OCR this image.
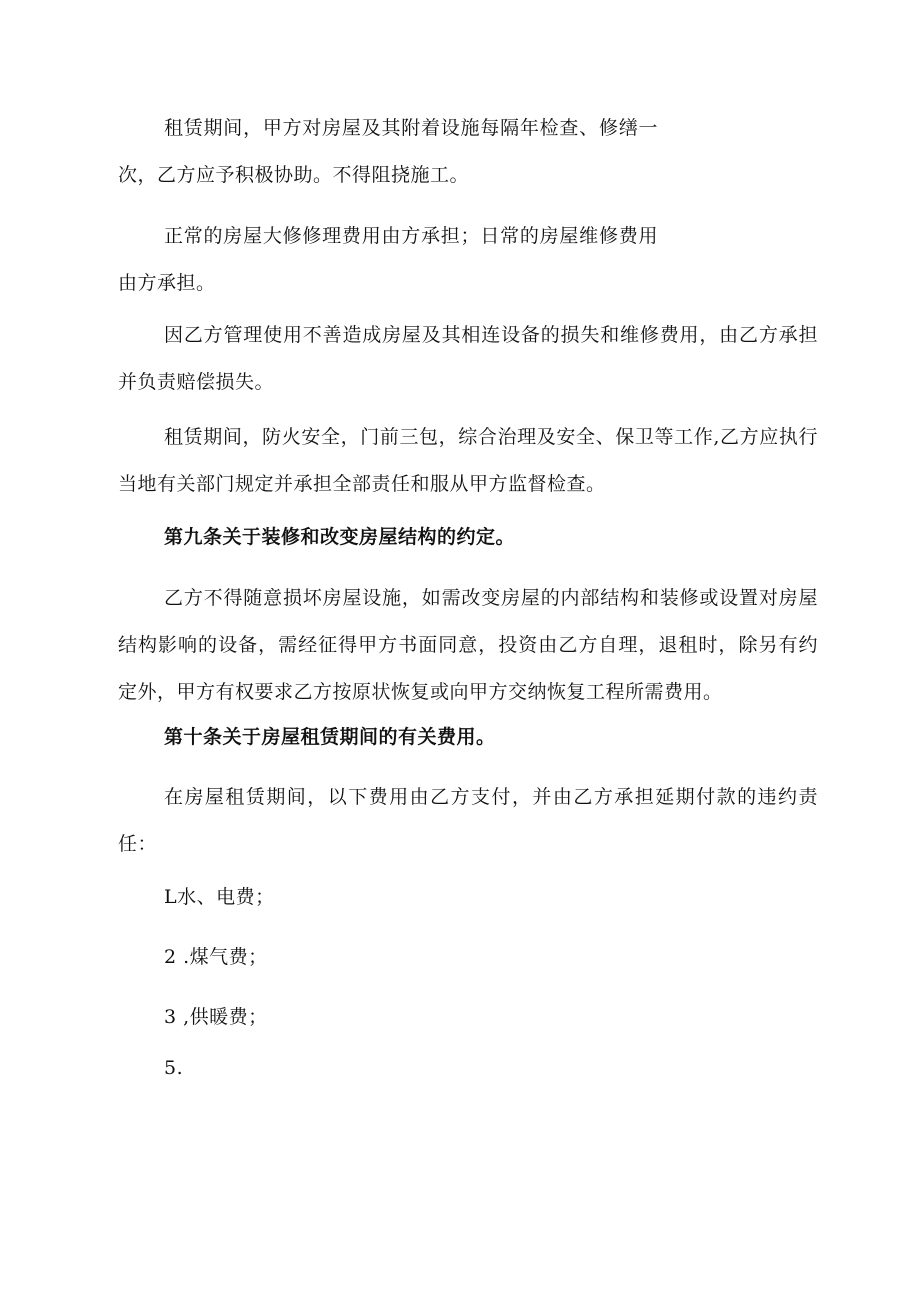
租赁期间，甲方对房屋及其附着设施每隔年检查、修缮一次，乙方应予积极协助。不得阻挠施工。

正常的房屋大修修理费用由方承担；日常的房屋维修费用由方承担。

因乙方管理使用不善造成房屋及其相连设备的损失和维修费用，由乙方承担并负责赔偿损失。

租赁期间，防火安全，门前三包，综合治理及安全、保卫等工作,乙方应执行当地有关部门规定并承担全部责任和服从甲方监督检查。

第九条关于装修和改变房屋结构的约定。

乙方不得随意损坏房屋设施，如需改变房屋的内部结构和装修或设置对房屋结构影响的设备，需经征得甲方书面同意，投资由乙方自理，退租时，除另有约定外，甲方有权要求乙方按原状恢复或向甲方交纳恢复工程所需费用。

第十条关于房屋租赁期间的有关费用。

在房屋租赁期间，以下费用由乙方支付，并由乙方承担延期付款的违约责任：

L水、电费；

2 .煤气费；

3 ,供暖费；

5.
